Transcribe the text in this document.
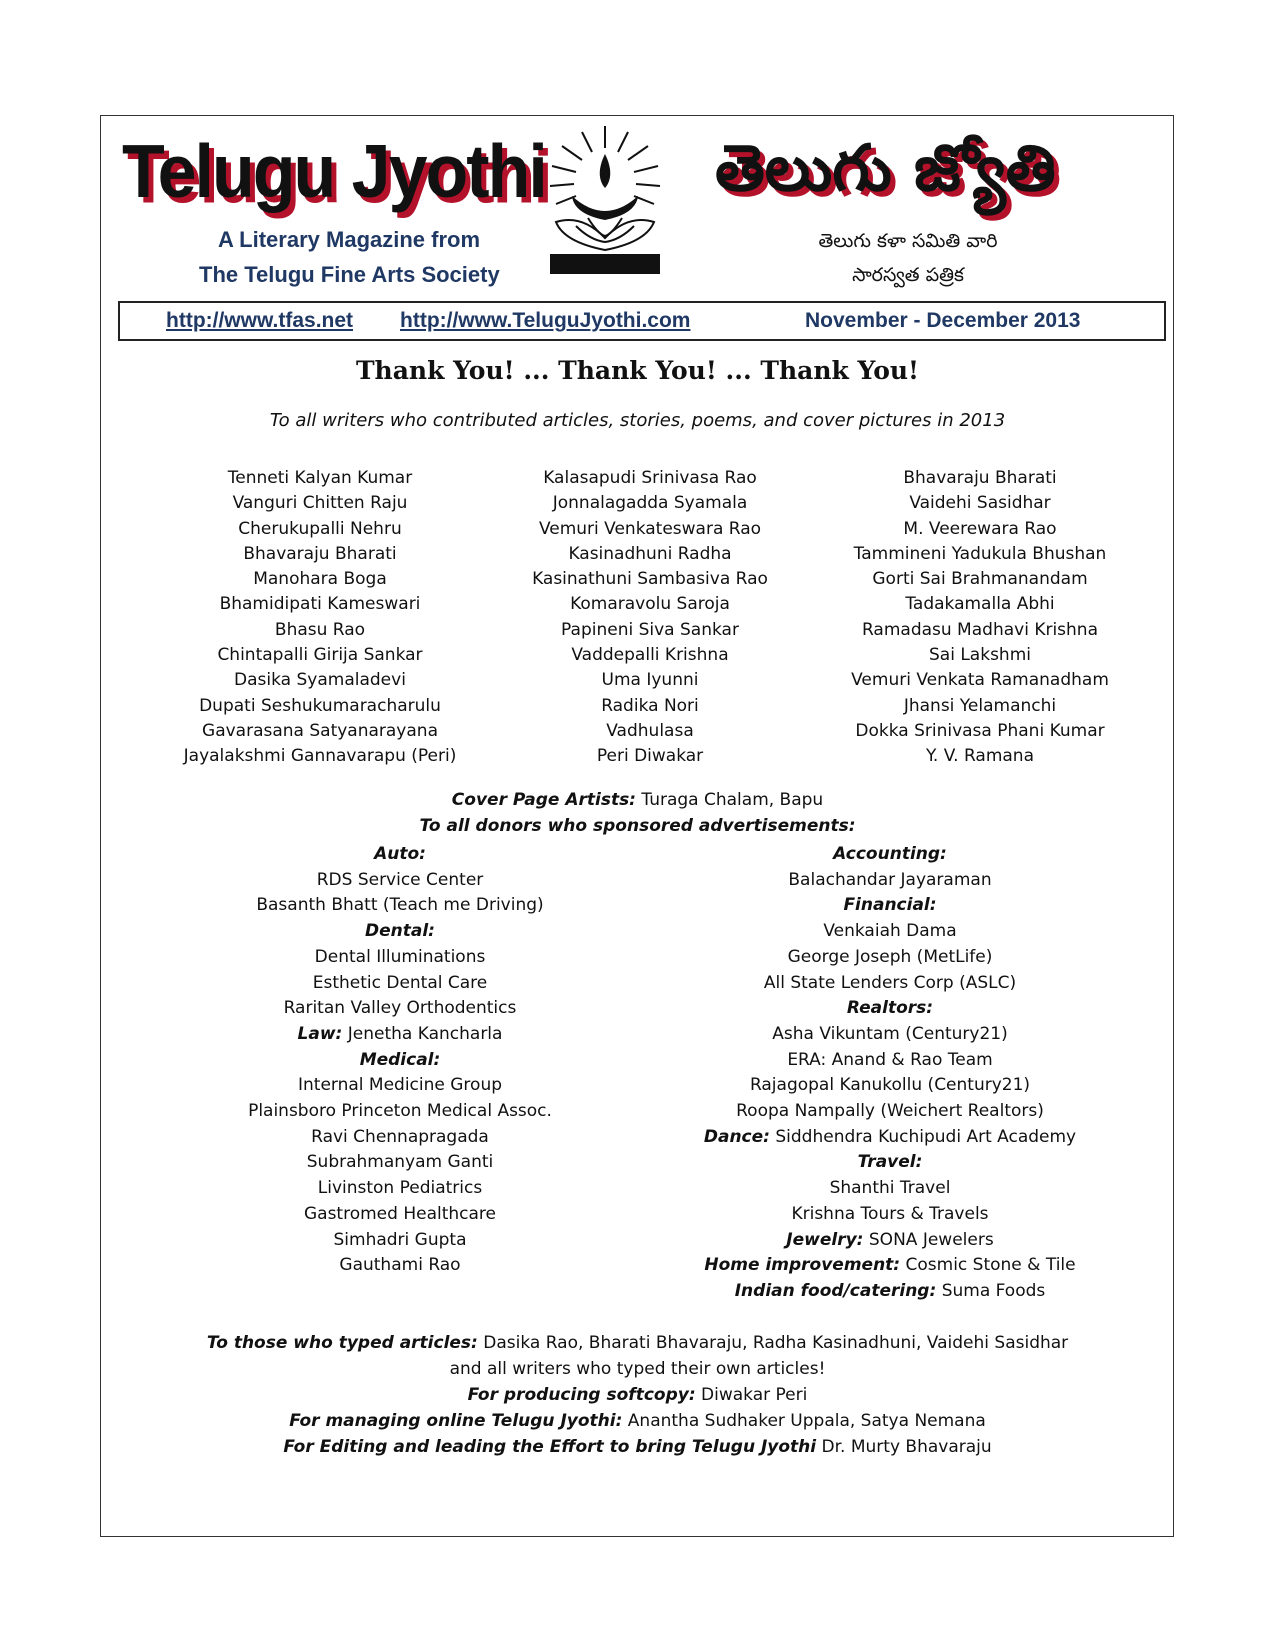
Telugu Jyothi	తెలుగు జ్యోతి
A Literary Magazine from
The Telugu Fine Arts Society
తెలుగు కళా సమితి వారి
సారస్వత పత్రిక
http://www.tfas.net http://www.TeluguJyothi.com	November - December 2013
Thank You! ... Thank You! ... Thank You!
To all writers who contributed articles, stories, poems, and cover pictures in 2013
Tenneti Kalyan Kumar
Vanguri Chitten Raju
Cherukupalli Nehru
Bhavaraju Bharati
Manohara Boga
Bhamidipati Kameswari
Bhasu Rao
Chintapalli Girija Sankar
Dasika Syamaladevi
Dupati Seshukumaracharulu
Gavarasana Satyanarayana
Jayalakshmi Gannavarapu (Peri)
Kalasapudi Srinivasa Rao
Jonnalagadda Syamala
Vemuri Venkateswara Rao
Kasinadhuni Radha
Kasinathuni Sambasiva Rao
Komaravolu Saroja
Papineni Siva Sankar
Vaddepalli Krishna
Uma Iyunni
Radika Nori
Vadhulasa
Peri Diwakar
Bhavaraju Bharati
Vaidehi Sasidhar
M. Veerewara Rao
Tammineni Yadukula Bhushan
Gorti Sai Brahmanandam
Tadakamalla Abhi
Ramadasu Madhavi Krishna
Sai Lakshmi
Vemuri Venkata Ramanadham
Jhansi Yelamanchi
Dokka Srinivasa Phani Kumar
Y. V. Ramana
Cover Page Artists: Turaga Chalam, Bapu
To all donors who sponsored advertisements:
Auto:
RDS Service Center
Basanth Bhatt (Teach me Driving)
Dental:
Dental Illuminations
Esthetic Dental Care
Raritan Valley Orthodentics
Law: Jenetha Kancharla
Medical:
Internal Medicine Group
Plainsboro Princeton Medical Assoc.
Ravi Chennapragada
Subrahmanyam Ganti
Livinston Pediatrics
Gastromed Healthcare
Simhadri Gupta
Gauthami Rao
Accounting:
Balachandar Jayaraman
Financial:
Venkaiah Dama
George Joseph (MetLife)
All State Lenders Corp (ASLC)
Realtors:
Asha Vikuntam (Century21)
ERA: Anand & Rao Team
Rajagopal Kanukollu (Century21)
Roopa Nampally (Weichert Realtors)
Dance: Siddhendra Kuchipudi Art Academy
Travel:
Shanthi Travel
Krishna Tours & Travels
Jewelry: SONA Jewelers
Home improvement: Cosmic Stone & Tile
Indian food/catering: Suma Foods
To those who typed articles: Dasika Rao, Bharati Bhavaraju, Radha Kasinadhuni, Vaidehi Sasidhar
and all writers who typed their own articles!
For producing softcopy: Diwakar Peri
For managing online Telugu Jyothi: Anantha Sudhaker Uppala, Satya Nemana
For Editing and leading the Effort to bring Telugu Jyothi Dr. Murty Bhavaraju
